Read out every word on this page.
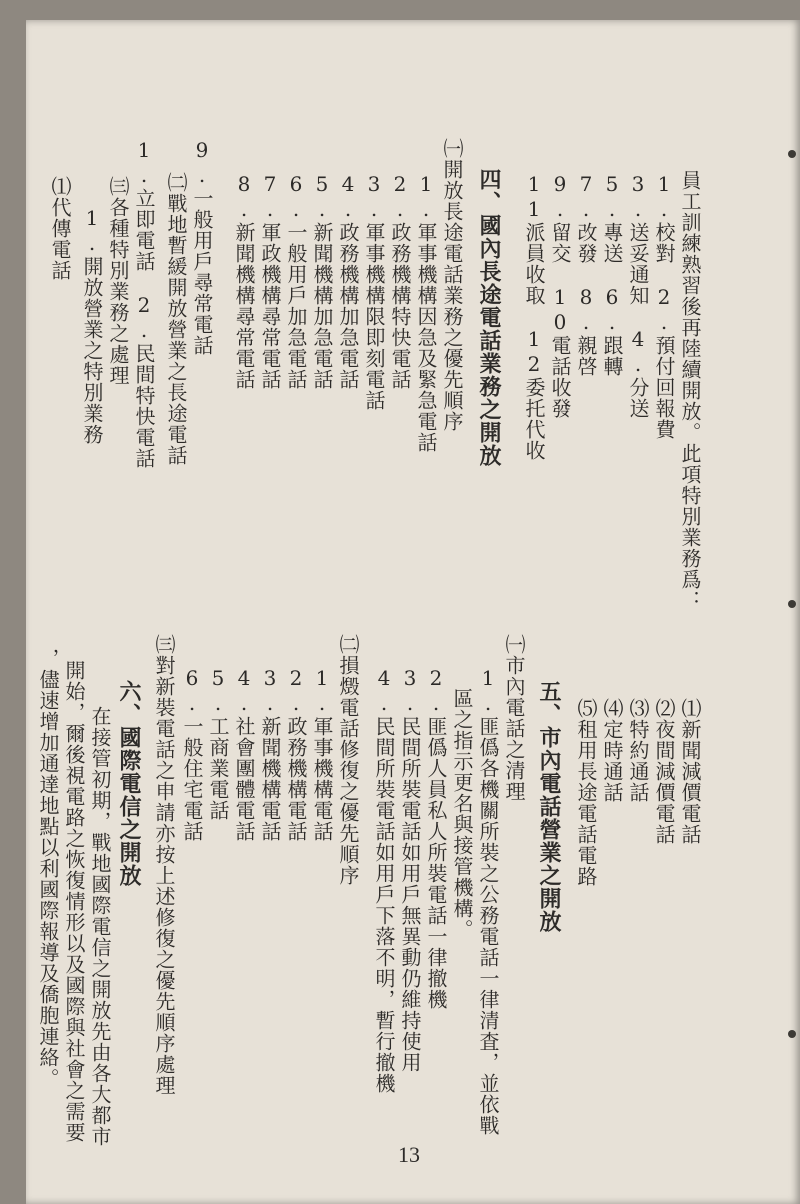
員工訓練熟習後再陸續開放。此項特別業務爲：
1.校對　2.預付回報費
3.送妥通知　4.分送
5.專送　6.跟轉
7.改發　8.親啓
9.留交　10電話收發
11派員收取　12委托代收
四、國內長途電話業務之開放
㈠開放長途電話業務之優先順序
1.軍事機構因急及緊急電話
2.政務機構特快電話
3.軍事機構限即刻電話
4.政務機構加急電話
5.新聞機構加急電話
6.一般用戶加急電話
7.軍政機構尋常電話
8.新聞機構尋常電話
9.一般用戶尋常電話
㈡戰地暫緩開放營業之長途電話
1.立即電話　2.民間特快電話
㈢各種特別業務之處理
1.開放營業之特別業務
⑴代傳電話
⑴新聞減價電話
⑵夜間減價電話
⑶特約通話
⑷定時通話
⑸租用長途電話電路
五、市內電話營業之開放
㈠市內電話之清理
1.匪僞各機關所裝之公務電話一律清査，並依戰
區之指示更名與接管機構。
2.匪僞人員私人所裝電話一律撤機
3.民間所裝電話如用戶無異動仍維持使用
4.民間所裝電話如用戶下落不明，暫行撤機
㈡損燬電話修復之優先順序
1.軍事機構電話
2.政務機構電話
3.新聞機構電話
4.社會團體電話
5.工商業電話
6.一般住宅電話
㈢對新裝電話之申請亦按上述修復之優先順序處理
六、國際電信之開放
在接管初期，戰地國際電信之開放先由各大都市
開始，爾後視電路之恢復情形以及國際與社會之需要
，儘速增加通達地點以利國際報導及僑胞連絡。
13
